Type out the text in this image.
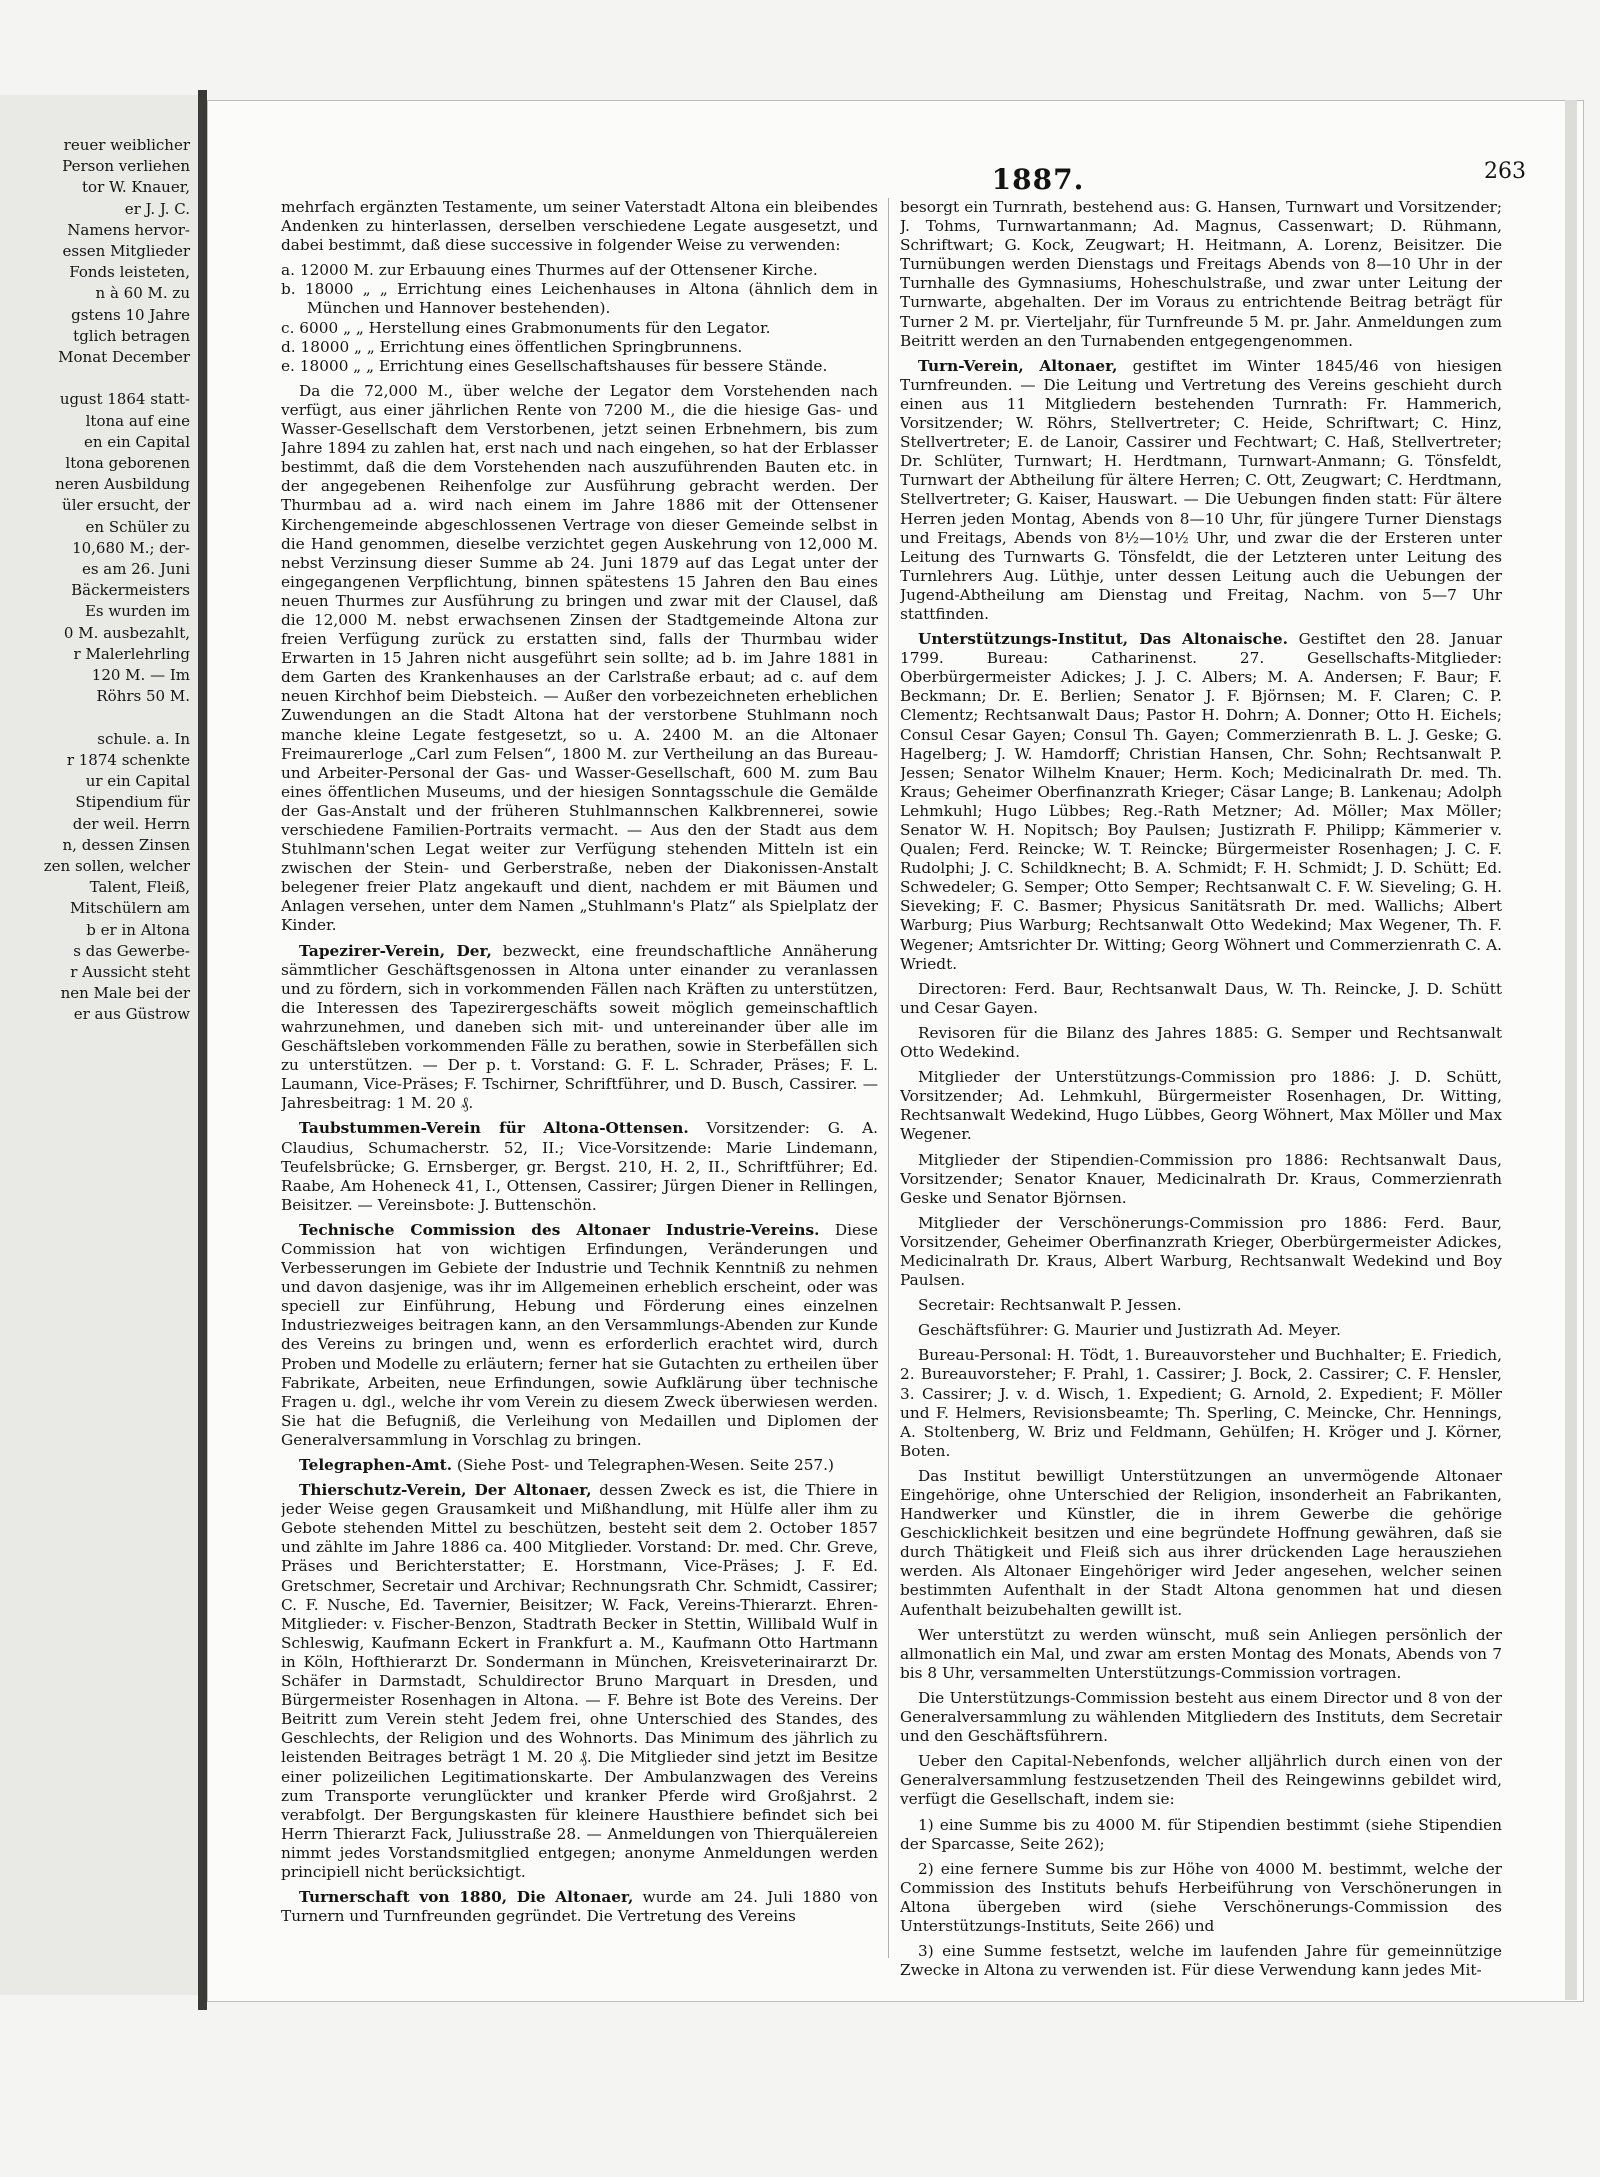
reuer weiblicher
Person verliehen
tor W. Knauer,
er J. J. C.
Namens hervor-
essen Mitglieder
Fonds leisteten,
n à 60 M. zu
gstens 10 Jahre
tglich betragen
Monat December

ugust 1864 statt-
ltona auf eine
en ein Capital
ltona geborenen
neren Ausbildung
üler ersucht, der
en Schüler zu
10,680 M.; der-
es am 26. Juni
Bäckermeisters
Es wurden im
0 M. ausbezahlt,
r Malerlehrling
120 M. — Im
Röhrs 50 M.

schule. a. In
r 1874 schenkte
ur ein Capital
Stipendium für
der weil. Herrn
n, dessen Zinsen
zen sollen, welcher
Talent, Fleiß,
Mitschülern am
b er in Altona
s das Gewerbe-
r Aussicht steht
nen Male bei der
er aus Güstrow
1887.	263

mehrfach ergänzten Testamente, um seiner Vaterstadt Altona ein bleibendes Andenken zu hinterlassen, derselben verschiedene Legate ausgesetzt, und dabei bestimmt, daß diese successive in folgender Weise zu verwenden:

a. 12000 M. zur Erbauung eines Thurmes auf der Ottensener Kirche.
b. 18000 „ „ Errichtung eines Leichenhauses in Altona (ähnlich dem in München und Hannover bestehenden).
c. 6000 „ „ Herstellung eines Grabmonuments für den Legator.
d. 18000 „ „ Errichtung eines öffentlichen Springbrunnens.
e. 18000 „ „ Errichtung eines Gesellschaftshauses für bessere Stände.

Da die 72,000 M., über welche der Legator dem Vorstehenden nach verfügt, aus einer jährlichen Rente von 7200 M., die die hiesige Gas- und Wasser-Gesellschaft dem Verstorbenen, jetzt seinen Erbnehmern, bis zum Jahre 1894 zu zahlen hat, erst nach und nach eingehen, so hat der Erblasser bestimmt, daß die dem Vorstehenden nach auszuführenden Bauten etc. in der angegebenen Reihenfolge zur Ausführung gebracht werden. Der Thurmbau ad a. wird nach einem im Jahre 1886 mit der Ottensener Kirchengemeinde abgeschlossenen Vertrage von dieser Gemeinde selbst in die Hand genommen, dieselbe verzichtet gegen Auskehrung von 12,000 M. nebst Verzinsung dieser Summe ab 24. Juni 1879 auf das Legat unter der eingegangenen Verpflichtung, binnen spätestens 15 Jahren den Bau eines neuen Thurmes zur Ausführung zu bringen und zwar mit der Clausel, daß die 12,000 M. nebst erwachsenen Zinsen der Stadtgemeinde Altona zur freien Verfügung zurück zu erstatten sind, falls der Thurmbau wider Erwarten in 15 Jahren nicht ausgeführt sein sollte; ad b. im Jahre 1881 in dem Garten des Krankenhauses an der Carlstraße erbaut; ad c. auf dem neuen Kirchhof beim Diebsteich. — Außer den vorbezeichneten erheblichen Zuwendungen an die Stadt Altona hat der verstorbene Stuhlmann noch manche kleine Legate festgesetzt, so u. A. 2400 M. an die Altonaer Freimaurerloge „Carl zum Felsen“, 1800 M. zur Vertheilung an das Bureau- und Arbeiter-Personal der Gas- und Wasser-Gesellschaft, 600 M. zum Bau eines öffentlichen Museums, und der hiesigen Sonntagsschule die Gemälde der Gas-Anstalt und der früheren Stuhlmannschen Kalkbrennerei, sowie verschiedene Familien-Portraits vermacht. — Aus den der Stadt aus dem Stuhlmann'schen Legat weiter zur Verfügung stehenden Mitteln ist ein zwischen der Stein- und Gerberstraße, neben der Diakonissen-Anstalt belegener freier Platz angekauft und dient, nachdem er mit Bäumen und Anlagen versehen, unter dem Namen „Stuhlmann's Platz“ als Spielplatz der Kinder.

Tapezirer-Verein, Der, bezweckt, eine freundschaftliche Annäherung sämmtlicher Geschäftsgenossen in Altona unter einander zu veranlassen und zu fördern, sich in vorkommenden Fällen nach Kräften zu unterstützen, die Interessen des Tapezirergeschäfts soweit möglich gemeinschaftlich wahrzunehmen, und daneben sich mit- und untereinander über alle im Geschäftsleben vorkommenden Fälle zu berathen, sowie in Sterbefällen sich zu unterstützen. — Der p. t. Vorstand: G. F. L. Schrader, Präses; F. L. Laumann, Vice-Präses; F. Tschirner, Schriftführer, und D. Busch, Cassirer. — Jahresbeitrag: 1 M. 20 ₰.

Taubstummen-Verein für Altona-Ottensen. Vorsitzender: G. A. Claudius, Schumacherstr. 52, II.; Vice-Vorsitzende: Marie Lindemann, Teufelsbrücke; G. Ernsberger, gr. Bergst. 210, H. 2, II., Schriftführer; Ed. Raabe, Am Hoheneck 41, I., Ottensen, Cassirer; Jürgen Diener in Rellingen, Beisitzer. — Vereinsbote: J. Buttenschön.

Technische Commission des Altonaer Industrie-Vereins. Diese Commission hat von wichtigen Erfindungen, Veränderungen und Verbesserungen im Gebiete der Industrie und Technik Kenntniß zu nehmen und davon dasjenige, was ihr im Allgemeinen erheblich erscheint, oder was speciell zur Einführung, Hebung und Förderung eines einzelnen Industriezweiges beitragen kann, an den Versammlungs-Abenden zur Kunde des Vereins zu bringen und, wenn es erforderlich erachtet wird, durch Proben und Modelle zu erläutern; ferner hat sie Gutachten zu ertheilen über Fabrikate, Arbeiten, neue Erfindungen, sowie Aufklärung über technische Fragen u. dgl., welche ihr vom Verein zu diesem Zweck überwiesen werden. Sie hat die Befugniß, die Verleihung von Medaillen und Diplomen der Generalversammlung in Vorschlag zu bringen.

Telegraphen-Amt. (Siehe Post- und Telegraphen-Wesen. Seite 257.)

Thierschutz-Verein, Der Altonaer, dessen Zweck es ist, die Thiere in jeder Weise gegen Grausamkeit und Mißhandlung, mit Hülfe aller ihm zu Gebote stehenden Mittel zu beschützen, besteht seit dem 2. October 1857 und zählte im Jahre 1886 ca. 400 Mitglieder. Vorstand: Dr. med. Chr. Greve, Präses und Berichterstatter; E. Horstmann, Vice-Präses; J. F. Ed. Gretschmer, Secretair und Archivar; Rechnungsrath Chr. Schmidt, Cassirer; C. F. Nusche, Ed. Tavernier, Beisitzer; W. Fack, Vereins-Thierarzt. Ehren-Mitglieder: v. Fischer-Benzon, Stadtrath Becker in Stettin, Willibald Wulf in Schleswig, Kaufmann Eckert in Frankfurt a. M., Kaufmann Otto Hartmann in Köln, Hofthierarzt Dr. Sondermann in München, Kreisveterinairarzt Dr. Schäfer in Darmstadt, Schuldirector Bruno Marquart in Dresden, und Bürgermeister Rosenhagen in Altona. — F. Behre ist Bote des Vereins. Der Beitritt zum Verein steht Jedem frei, ohne Unterschied des Standes, des Geschlechts, der Religion und des Wohnorts. Das Minimum des jährlich zu leistenden Beitrages beträgt 1 M. 20 ₰. Die Mitglieder sind jetzt im Besitze einer polizeilichen Legitimationskarte. Der Ambulanzwagen des Vereins zum Transporte verunglückter und kranker Pferde wird Großjahrst. 2 verabfolgt. Der Bergungskasten für kleinere Hausthiere befindet sich bei Herrn Thierarzt Fack, Juliusstraße 28. — Anmeldungen von Thierquälereien nimmt jedes Vorstandsmitglied entgegen; anonyme Anmeldungen werden principiell nicht berücksichtigt.

Turnerschaft von 1880, Die Altonaer, wurde am 24. Juli 1880 von Turnern und Turnfreunden gegründet. Die Vertretung des Vereins

besorgt ein Turnrath, bestehend aus: G. Hansen, Turnwart und Vorsitzender; J. Tohms, Turnwartanmann; Ad. Magnus, Cassenwart; D. Rühmann, Schriftwart; G. Kock, Zeugwart; H. Heitmann, A. Lorenz, Beisitzer. Die Turnübungen werden Dienstags und Freitags Abends von 8—10 Uhr in der Turnhalle des Gymnasiums, Hoheschulstraße, und zwar unter Leitung der Turnwarte, abgehalten. Der im Voraus zu entrichtende Beitrag beträgt für Turner 2 M. pr. Vierteljahr, für Turnfreunde 5 M. pr. Jahr. Anmeldungen zum Beitritt werden an den Turnabenden entgegengenommen.

Turn-Verein, Altonaer, gestiftet im Winter 1845/46 von hiesigen Turnfreunden. — Die Leitung und Vertretung des Vereins geschieht durch einen aus 11 Mitgliedern bestehenden Turnrath: Fr. Hammerich, Vorsitzender; W. Röhrs, Stellvertreter; C. Heide, Schriftwart; C. Hinz, Stellvertreter; E. de Lanoir, Cassirer und Fechtwart; C. Haß, Stellvertreter; Dr. Schlüter, Turnwart; H. Herdtmann, Turnwart-Anmann; G. Tönsfeldt, Turnwart der Abtheilung für ältere Herren; C. Ott, Zeugwart; C. Herdtmann, Stellvertreter; G. Kaiser, Hauswart. — Die Uebungen finden statt: Für ältere Herren jeden Montag, Abends von 8—10 Uhr, für jüngere Turner Dienstags und Freitags, Abends von 8½—10½ Uhr, und zwar die der Ersteren unter Leitung des Turnwarts G. Tönsfeldt, die der Letzteren unter Leitung des Turnlehrers Aug. Lüthje, unter dessen Leitung auch die Uebungen der Jugend-Abtheilung am Dienstag und Freitag, Nachm. von 5—7 Uhr stattfinden.

Unterstützungs-Institut, Das Altonaische. Gestiftet den 28. Januar 1799. Bureau: Catharinenst. 27. Gesellschafts-Mitglieder: Oberbürgermeister Adickes; J. J. C. Albers; M. A. Andersen; F. Baur; F. Beckmann; Dr. E. Berlien; Senator J. F. Björnsen; M. F. Claren; C. P. Clementz; Rechtsanwalt Daus; Pastor H. Dohrn; A. Donner; Otto H. Eichels; Consul Cesar Gayen; Consul Th. Gayen; Commerzienrath B. L. J. Geske; G. Hagelberg; J. W. Hamdorff; Christian Hansen, Chr. Sohn; Rechtsanwalt P. Jessen; Senator Wilhelm Knauer; Herm. Koch; Medicinalrath Dr. med. Th. Kraus; Geheimer Oberfinanzrath Krieger; Cäsar Lange; B. Lankenau; Adolph Lehmkuhl; Hugo Lübbes; Reg.-Rath Metzner; Ad. Möller; Max Möller; Senator W. H. Nopitsch; Boy Paulsen; Justizrath F. Philipp; Kämmerier v. Qualen; Ferd. Reincke; W. T. Reincke; Bürgermeister Rosenhagen; J. C. F. Rudolphi; J. C. Schildknecht; B. A. Schmidt; F. H. Schmidt; J. D. Schütt; Ed. Schwedeler; G. Semper; Otto Semper; Rechtsanwalt C. F. W. Sieveling; G. H. Sieveking; F. C. Basmer; Physicus Sanitätsrath Dr. med. Wallichs; Albert Warburg; Pius Warburg; Rechtsanwalt Otto Wedekind; Max Wegener, Th. F. Wegener; Amtsrichter Dr. Witting; Georg Wöhnert und Commerzienrath C. A. Wriedt.

Directoren: Ferd. Baur, Rechtsanwalt Daus, W. Th. Reincke, J. D. Schütt und Cesar Gayen.

Revisoren für die Bilanz des Jahres 1885: G. Semper und Rechtsanwalt Otto Wedekind.

Mitglieder der Unterstützungs-Commission pro 1886: J. D. Schütt, Vorsitzender; Ad. Lehmkuhl, Bürgermeister Rosenhagen, Dr. Witting, Rechtsanwalt Wedekind, Hugo Lübbes, Georg Wöhnert, Max Möller und Max Wegener.

Mitglieder der Stipendien-Commission pro 1886: Rechtsanwalt Daus, Vorsitzender; Senator Knauer, Medicinalrath Dr. Kraus, Commerzienrath Geske und Senator Björnsen.

Mitglieder der Verschönerungs-Commission pro 1886: Ferd. Baur, Vorsitzender, Geheimer Oberfinanzrath Krieger, Oberbürgermeister Adickes, Medicinalrath Dr. Kraus, Albert Warburg, Rechtsanwalt Wedekind und Boy Paulsen.

Secretair: Rechtsanwalt P. Jessen.

Geschäftsführer: G. Maurier und Justizrath Ad. Meyer.

Bureau-Personal: H. Tödt, 1. Bureauvorsteher und Buchhalter; E. Friedich, 2. Bureauvorsteher; F. Prahl, 1. Cassirer; J. Bock, 2. Cassirer; C. F. Hensler, 3. Cassirer; J. v. d. Wisch, 1. Expedient; G. Arnold, 2. Expedient; F. Möller und F. Helmers, Revisionsbeamte; Th. Sperling, C. Meincke, Chr. Hennings, A. Stoltenberg, W. Briz und Feldmann, Gehülfen; H. Kröger und J. Körner, Boten.

Das Institut bewilligt Unterstützungen an unvermögende Altonaer Eingehörige, ohne Unterschied der Religion, insonderheit an Fabrikanten, Handwerker und Künstler, die in ihrem Gewerbe die gehörige Geschicklichkeit besitzen und eine begründete Hoffnung gewähren, daß sie durch Thätigkeit und Fleiß sich aus ihrer drückenden Lage herausziehen werden. Als Altonaer Eingehöriger wird Jeder angesehen, welcher seinen bestimmten Aufenthalt in der Stadt Altona genommen hat und diesen Aufenthalt beizubehalten gewillt ist.

Wer unterstützt zu werden wünscht, muß sein Anliegen persönlich der allmonatlich ein Mal, und zwar am ersten Montag des Monats, Abends von 7 bis 8 Uhr, versammelten Unterstützungs-Commission vortragen.

Die Unterstützungs-Commission besteht aus einem Director und 8 von der Generalversammlung zu wählenden Mitgliedern des Instituts, dem Secretair und den Geschäftsführern.

Ueber den Capital-Nebenfonds, welcher alljährlich durch einen von der Generalversammlung festzusetzenden Theil des Reingewinns gebildet wird, verfügt die Gesellschaft, indem sie:

1) eine Summe bis zu 4000 M. für Stipendien bestimmt (siehe Stipendien der Sparcasse, Seite 262);

2) eine fernere Summe bis zur Höhe von 4000 M. bestimmt, welche der Commission des Instituts behufs Herbeiführung von Verschönerungen in Altona übergeben wird (siehe Verschönerungs-Commission des Unterstützungs-Instituts, Seite 266) und

3) eine Summe festsetzt, welche im laufenden Jahre für gemeinnützige Zwecke in Altona zu verwenden ist. Für diese Verwendung kann jedes Mit-
